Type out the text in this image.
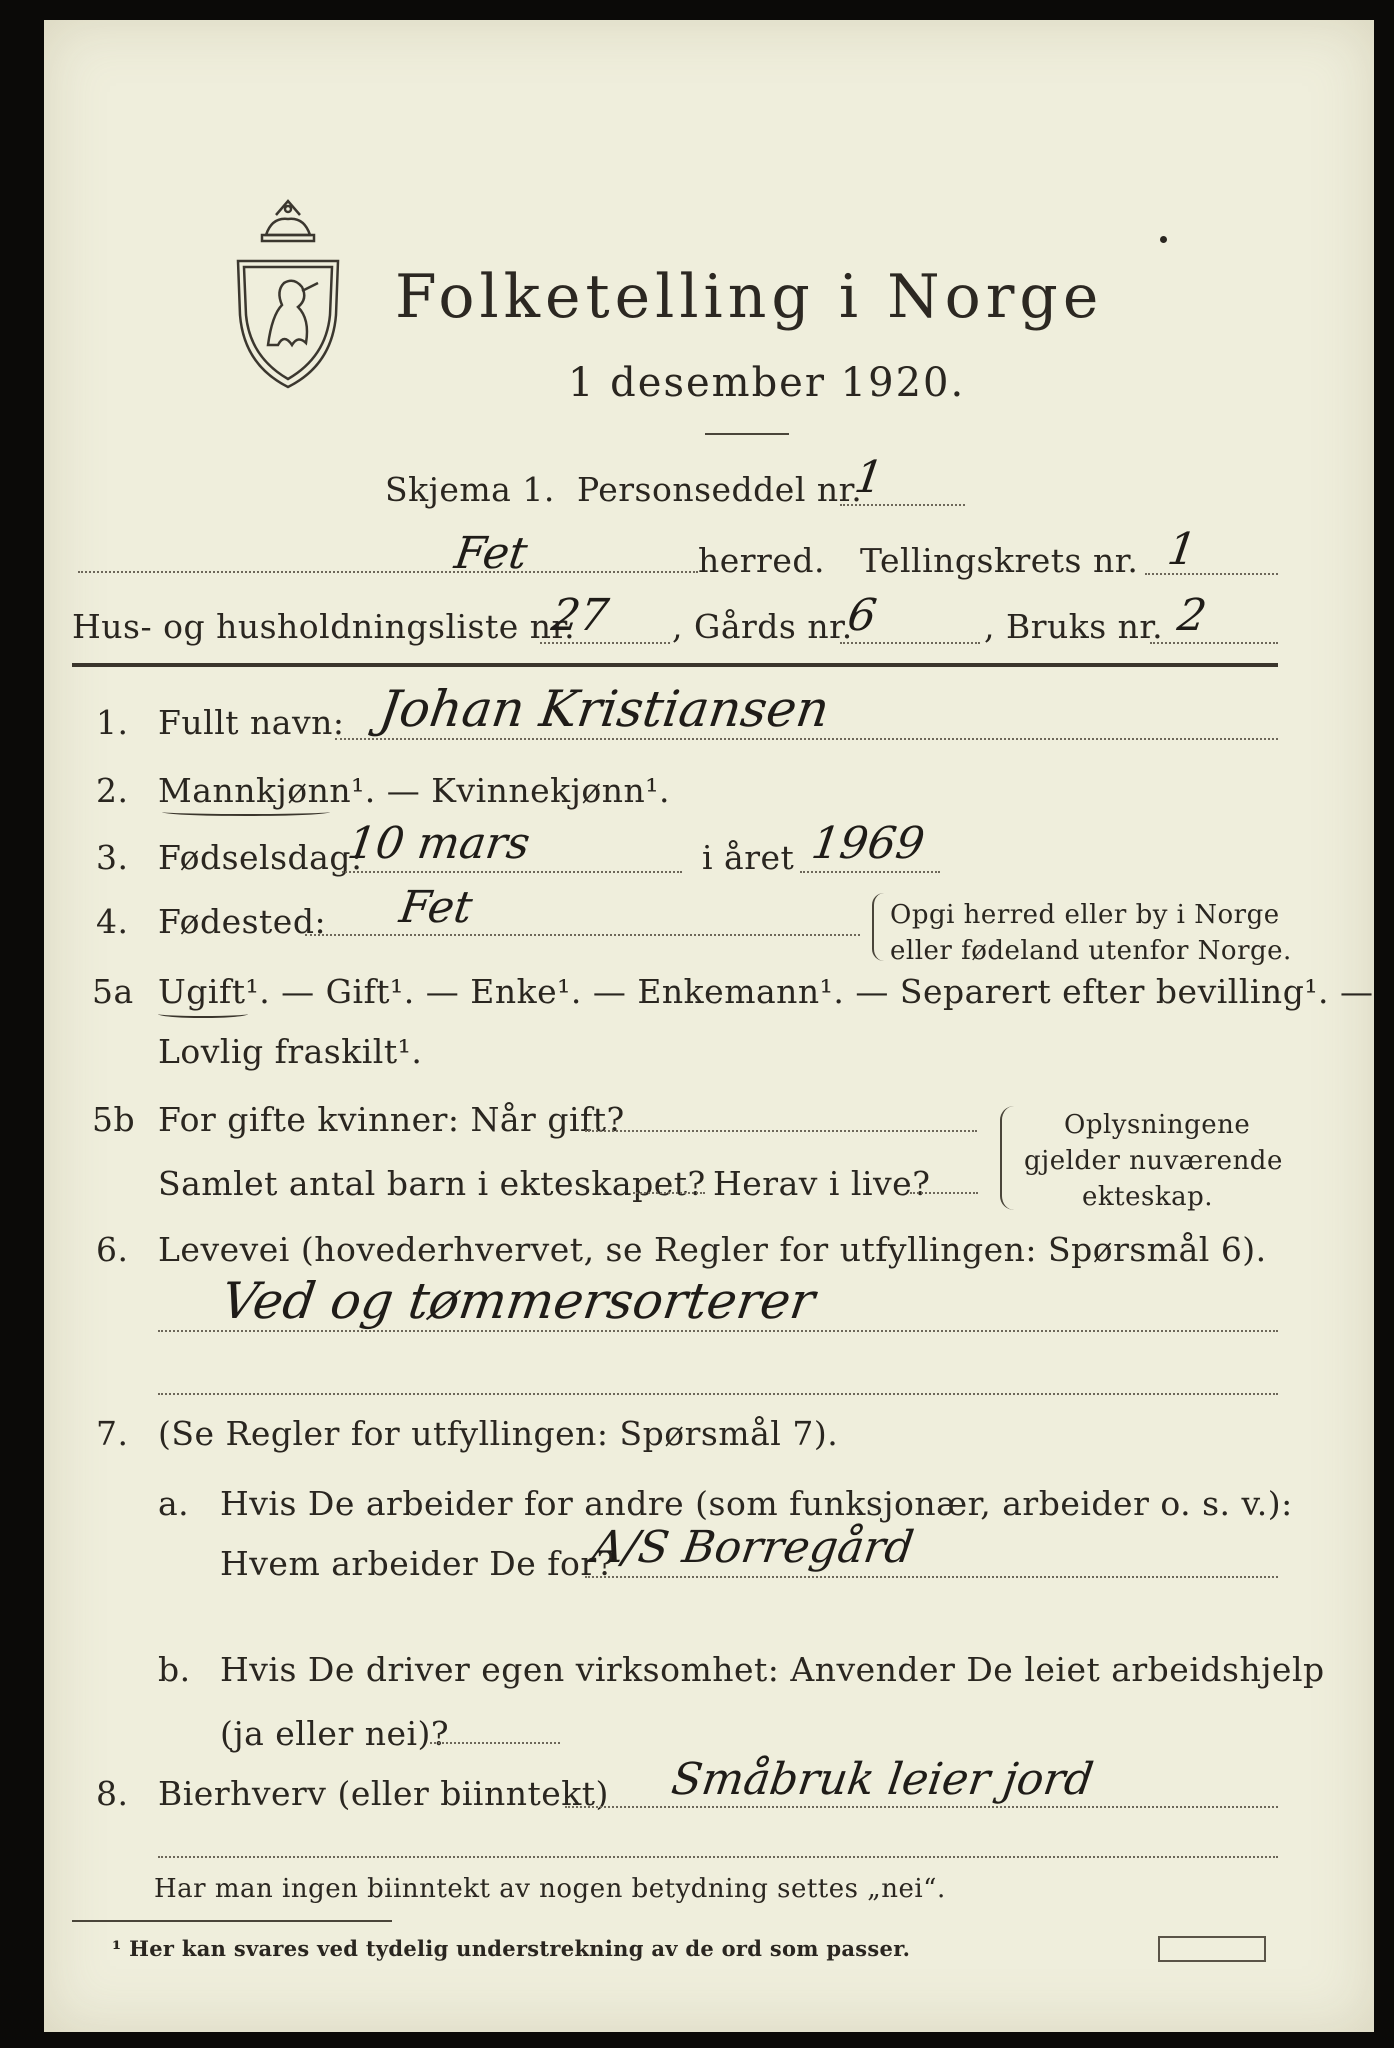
Folketelling i Norge
1 desember 1920.
Skjema 1. Personseddel nr.
1
Fet	herred. Tellingskrets nr. 1
Hus- og husholdningsliste nr.
27 , Gårds nr.
6	, Bruks nr. 2
1. Fullt navn: Johan Kristiansen
2. Mannkjønn¹. — Kvinnekjønn¹.
3. Fødselsdag:
10 mars	i året 1969
4. Fødested: Fet	Opgi herred eller by i Norge
eller fødeland utenfor Norge.
5a Ugift¹. — Gift¹. — Enke¹. — Enkemann¹. — Separert efter bevilling¹. —
Lovlig fraskilt¹.
5b For gifte kvinner: Når gift?
Samlet antal barn i ekteskapet? Herav i live?
Oplysningene
gjelder nuværende
ekteskap.
6. Levevei (hovederhvervet, se Regler for utfyllingen: Spørsmål 6).
Ved og tømmersorterer
7. (Se Regler for utfyllingen: Spørsmål 7).
a. Hvis De arbeider for andre (som funksjonær, arbeider o. s. v.):
Hvem arbeider De for?
A/S Borregård
b. Hvis De driver egen virksomhet: Anvender De leiet arbeidshjelp
(ja eller nei)?
8. Bierhverv (eller biinntekt) Småbruk leier jord
Har man ingen biinntekt av nogen betydning settes „nei“.
¹ Her kan svares ved tydelig understrekning av de ord som passer.
